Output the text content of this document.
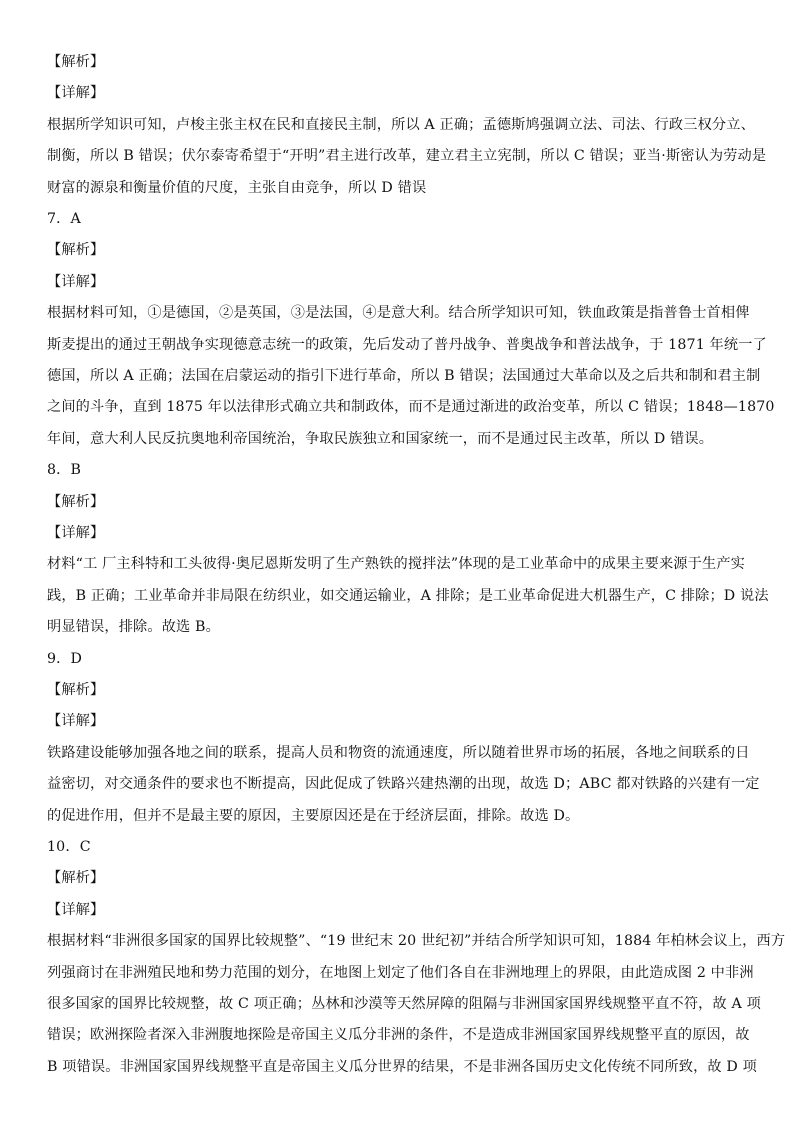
【解析】
【详解】
根据所学知识可知，卢梭主张主权在民和直接民主制，所以 A 正确；孟德斯鸠强调立法、司法、行政三权分立、
制衡，所以 B 错误；伏尔泰寄希望于“开明”君主进行改革，建立君主立宪制，所以 C 错误；亚当·斯密认为劳动是
财富的源泉和衡量价值的尺度，主张自由竞争，所以 D 错误
7．A
【解析】
【详解】
根据材料可知，①是德国，②是英国，③是法国，④是意大利。结合所学知识可知，铁血政策是指普鲁士首相俾
斯麦提出的通过王朝战争实现德意志统一的政策，先后发动了普丹战争、普奥战争和普法战争，于 1871 年统一了
德国，所以 A 正确；法国在启蒙运动的指引下进行革命，所以 B 错误；法国通过大革命以及之后共和制和君主制
之间的斗争，直到 1875 年以法律形式确立共和制政体，而不是通过渐进的政治变革，所以 C 错误；1848—1870
年间，意大利人民反抗奥地利帝国统治，争取民族独立和国家统一，而不是通过民主改革，所以 D 错误。
8．B
【解析】
【详解】
材料“工 厂主科特和工头彼得·奥尼恩斯发明了生产熟铁的搅拌法”体现的是工业革命中的成果主要来源于生产实
践，B 正确；工业革命并非局限在纺织业，如交通运输业，A 排除；是工业革命促进大机器生产，C 排除；D 说法
明显错误，排除。故选 B。
9．D
【解析】
【详解】
铁路建设能够加强各地之间的联系，提高人员和物资的流通速度，所以随着世界市场的拓展，各地之间联系的日
益密切，对交通条件的要求也不断提高，因此促成了铁路兴建热潮的出现，故选 D；ABC 都对铁路的兴建有一定
的促进作用，但并不是最主要的原因，主要原因还是在于经济层面，排除。故选 D。
10．C
【解析】
【详解】
根据材料“非洲很多国家的国界比较规整”、“19 世纪末 20 世纪初”并结合所学知识可知，1884 年柏林会议上，西方
列强商讨在非洲殖民地和势力范围的划分，在地图上划定了他们各自在非洲地理上的界限，由此造成图 2 中非洲
很多国家的国界比较规整，故 C 项正确；丛林和沙漠等天然屏障的阻隔与非洲国家国界线规整平直不符，故 A 项
错误；欧洲探险者深入非洲腹地探险是帝国主义瓜分非洲的条件，不是造成非洲国家国界线规整平直的原因，故
B 项错误。非洲国家国界线规整平直是帝国主义瓜分世界的结果，不是非洲各国历史文化传统不同所致，故 D 项
